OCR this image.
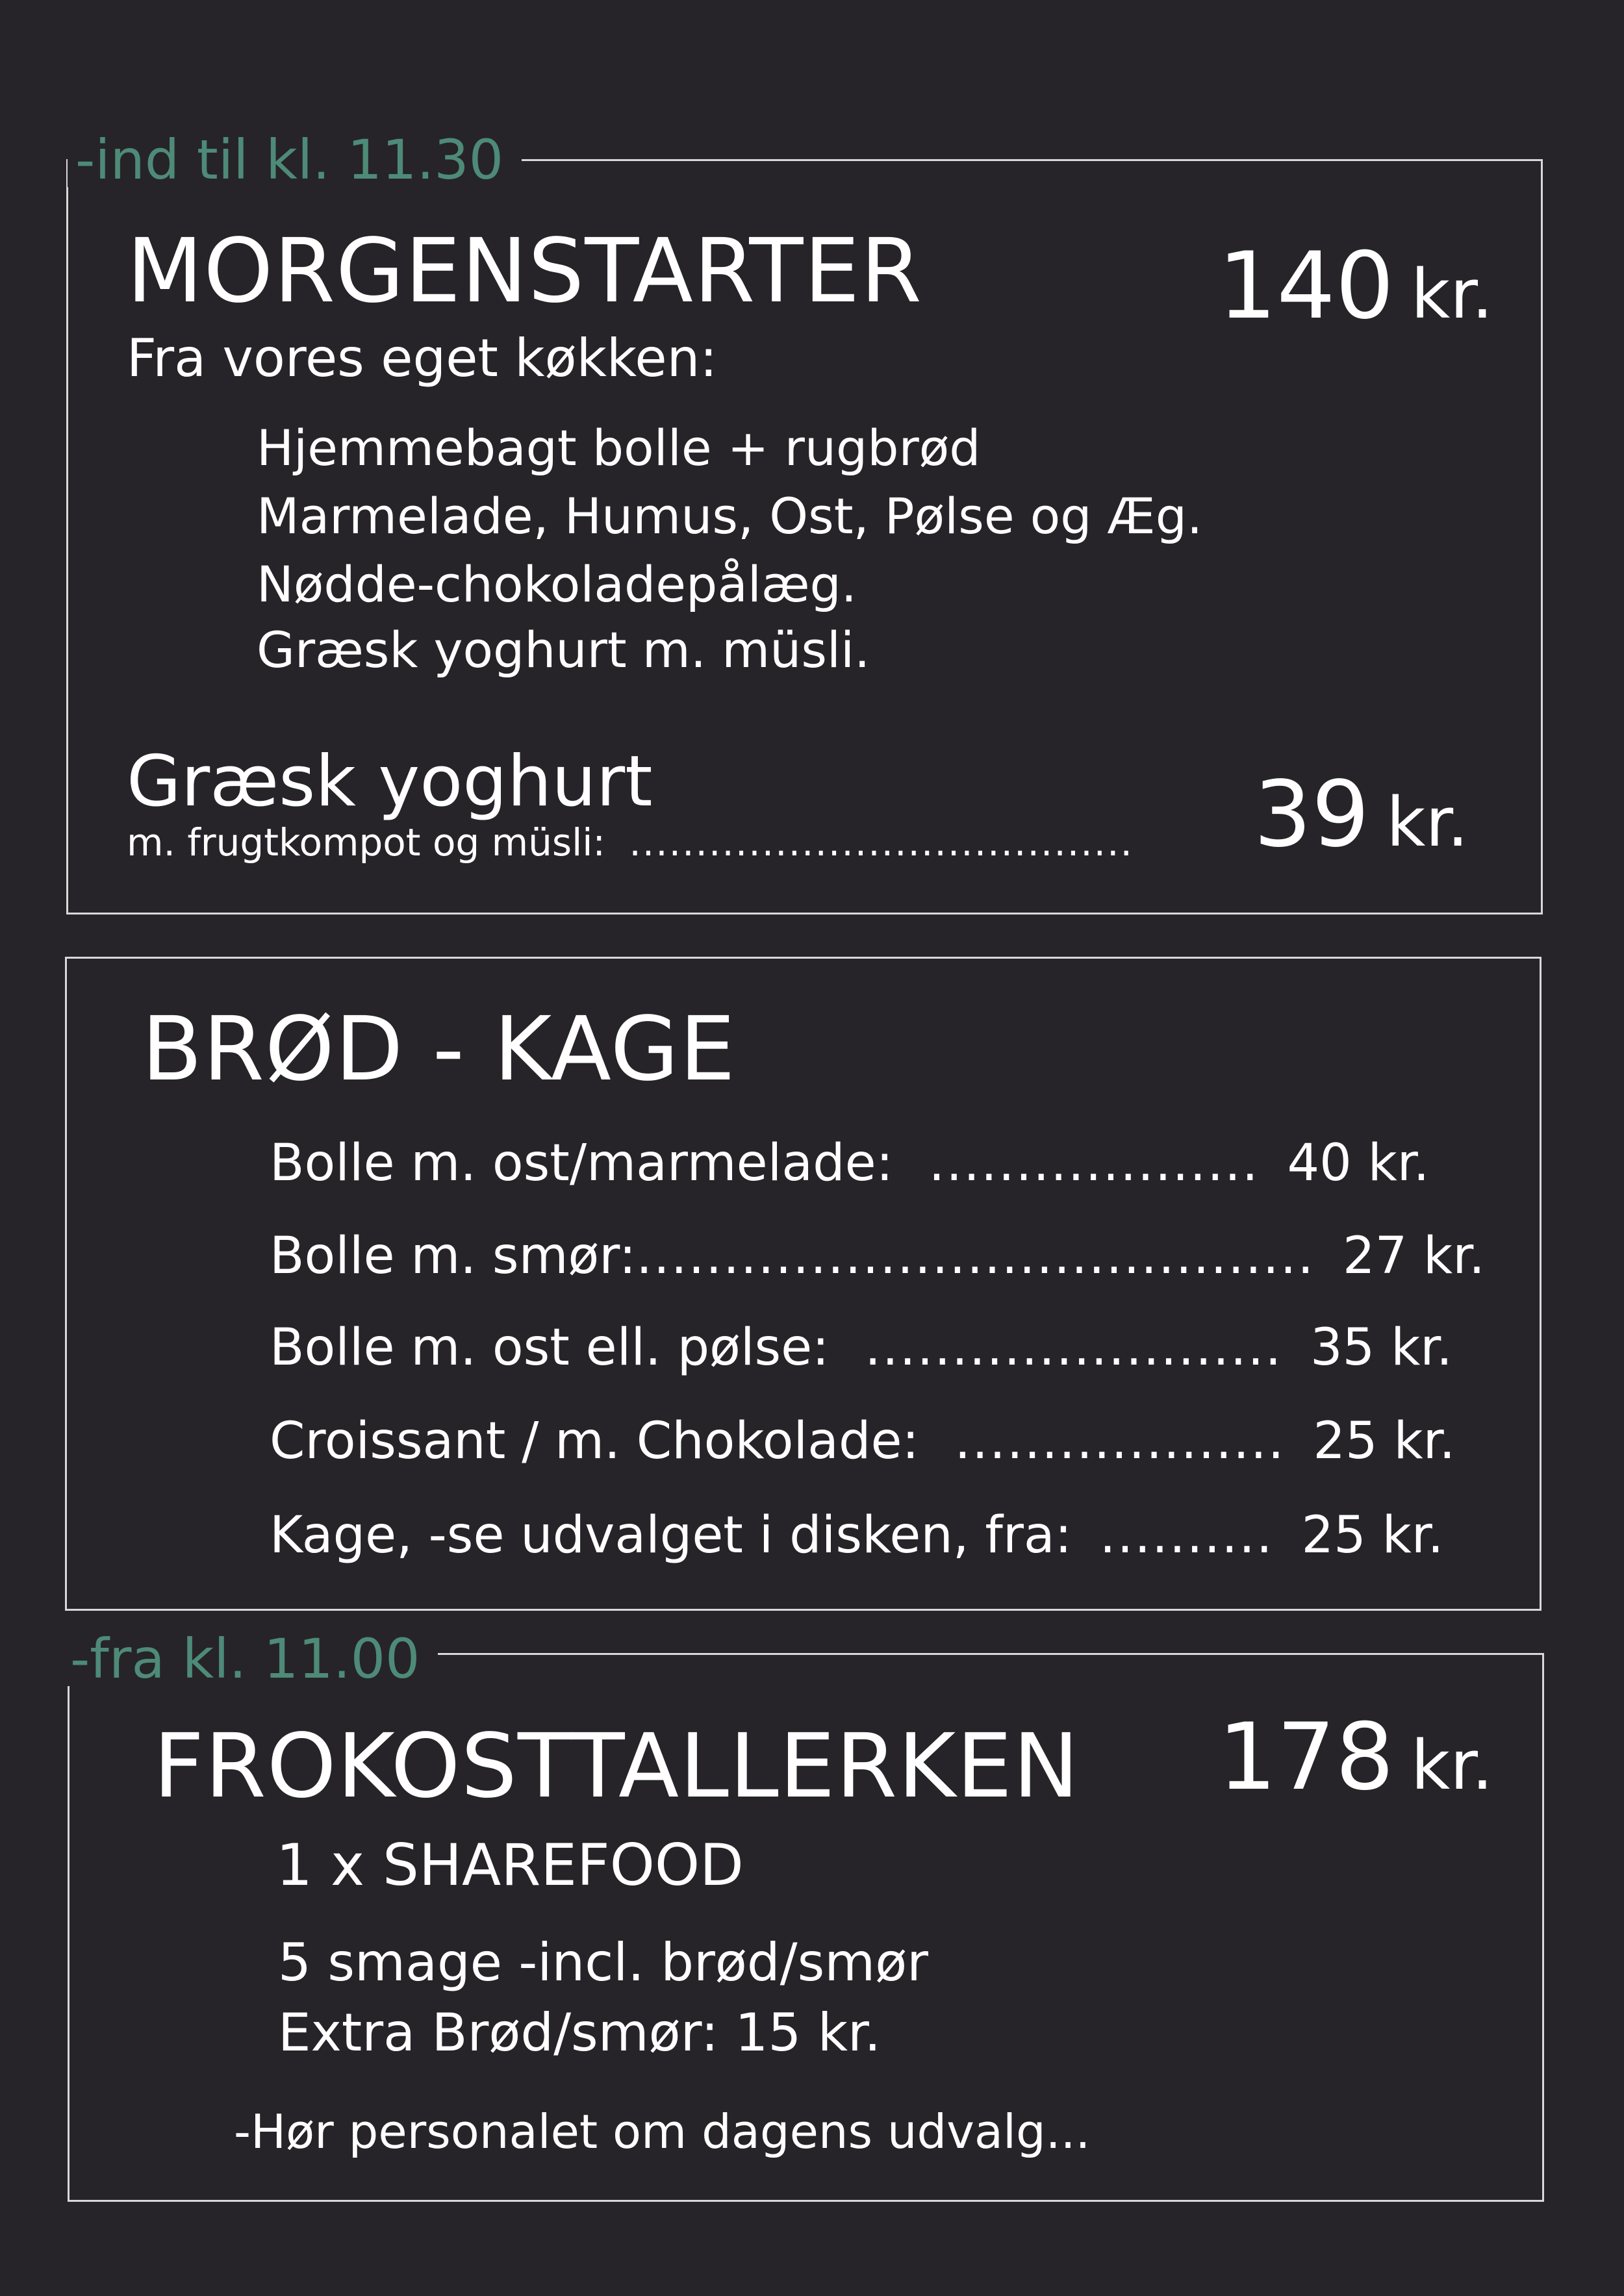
-ind til kl. 11.30
MORGENSTARTER	140 kr.
Fra vores eget køkken:
Hjemmebagt bolle + rugbrød
Marmelade, Humus, Ost, Pølse og Æg.
Nødde-chokoladepålæg.
Græsk yoghurt m. müsli.
Græsk yoghurt
m. frugtkompot og müsli: ...................................... 39 kr.
BRØD - KAGE
Bolle m. ost/marmelade: ................... 40 kr.
Bolle m. smør:....................................... 27 kr.
Bolle m. ost ell. pølse: ........................ 35 kr.
Croissant / m. Chokolade: ................... 25 kr.
Kage, -se udvalget i disken, fra: .......... 25 kr.
-fra kl. 11.00
FROKOSTTALLERKEN 178 kr.
1 x SHAREFOOD
5 smage -incl. brød/smør
Extra Brød/smør: 15 kr.
-Hør personalet om dagens udvalg...
